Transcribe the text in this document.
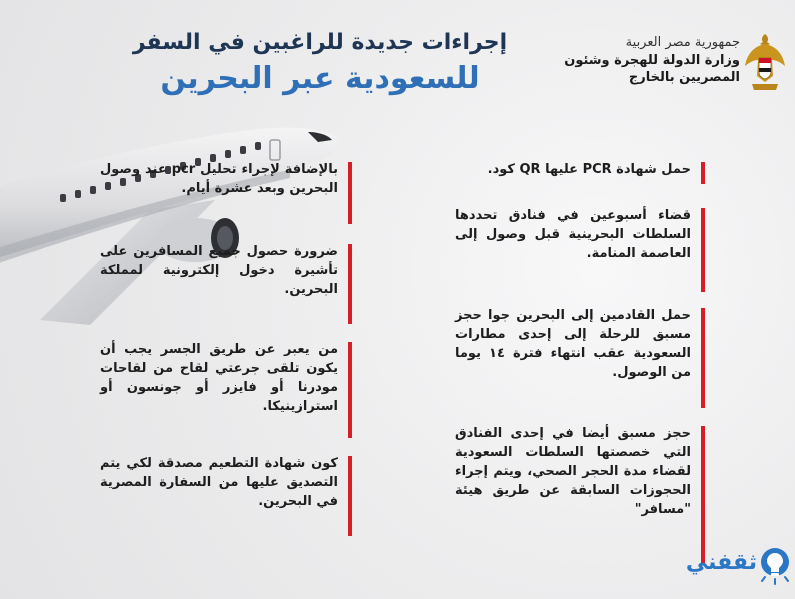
إجراءات جديدة للراغبين في السفر
للسعودية عبر البحرين
جمهورية مصر العربية
وزارة الدولة للهجرة وشئون
المصريين بالخارج
حمل شهادة PCR عليها QR كود.
قضاء أسبوعين في فنادق تحددها السلطات البحرينية قبل وصول إلى العاصمة المنامة.
حمل القادمين إلى البحرين جوا حجز مسبق للرحلة إلى إحدى مطارات السعودية عقب انتهاء فترة ١٤ يوما من الوصول.
حجز مسبق أيضا في إحدى الفنادق التي خصصتها السلطات السعودية لقضاء مدة الحجر الصحي، ويتم إجراء الحجوزات السابقة عن طريق هيئة "مسافر"
بالإضافة لإجراء تحليل pcr عند وصول البحرين وبعد عشرة أيام.
ضرورة حصول جميع المسافرين على تأشيرة دخول إلكترونية لمملكة البحرين.
من يعبر عن طريق الجسر يجب أن يكون تلقى جرعتي لقاح من لقاحات مودرنا أو فايزر أو جونسون أو استرازينيكا.
كون شهادة التطعيم مصدقة لكي يتم التصديق عليها من السفارة المصرية في البحرين.
ثقفني
